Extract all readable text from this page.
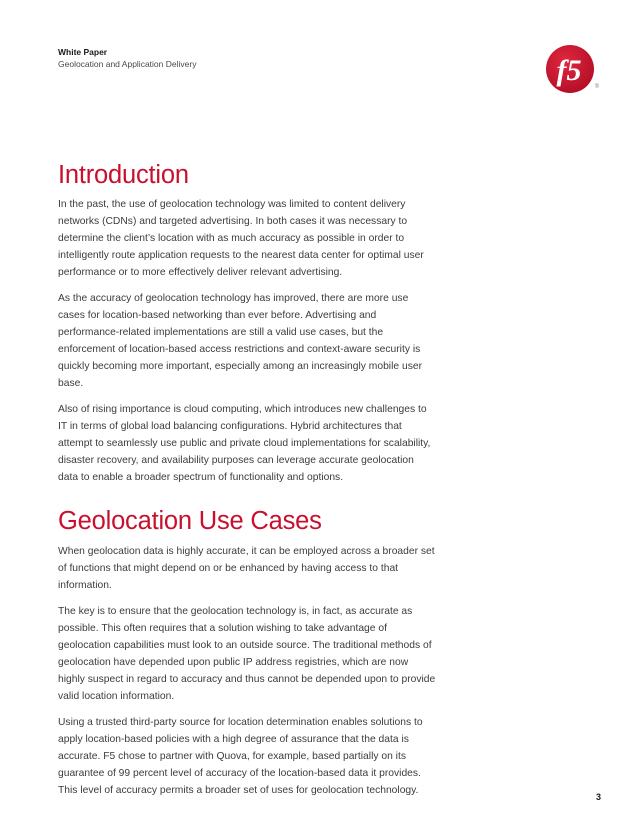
White Paper
Geolocation and Application Delivery	f5 ®
Introduction

In the past, the use of geolocation technology was limited to content delivery networks (CDNs) and targeted advertising. In both cases it was necessary to determine the client’s location with as much accuracy as possible in order to intelligently route application requests to the nearest data center for optimal user performance or to more effectively deliver relevant advertising.

As the accuracy of geolocation technology has improved, there are more use cases for location-based networking than ever before. Advertising and performance-related implementations are still a valid use cases, but the enforcement of location-based access restrictions and context-aware security is quickly becoming more important, especially among an increasingly mobile user base.

Also of rising importance is cloud computing, which introduces new challenges to IT in terms of global load balancing configurations. Hybrid architectures that attempt to seamlessly use public and private cloud implementations for scalability, disaster recovery, and availability purposes can leverage accurate geolocation data to enable a broader spectrum of functionality and options.

Geolocation Use Cases

When geolocation data is highly accurate, it can be employed across a broader set of functions that might depend on or be enhanced by having access to that information.

The key is to ensure that the geolocation technology is, in fact, as accurate as possible. This often requires that a solution wishing to take advantage of geolocation capabilities must look to an outside source. The traditional methods of geolocation have depended upon public IP address registries, which are now highly suspect in regard to accuracy and thus cannot be depended upon to provide valid location information.

Using a trusted third-party source for location determination enables solutions to apply location-based policies with a high degree of assurance that the data is accurate. F5 chose to partner with Quova, for example, based partially on its guarantee of 99 percent level of accuracy of the location-based data it provides. This level of accuracy permits a broader set of uses for geolocation technology.

3
